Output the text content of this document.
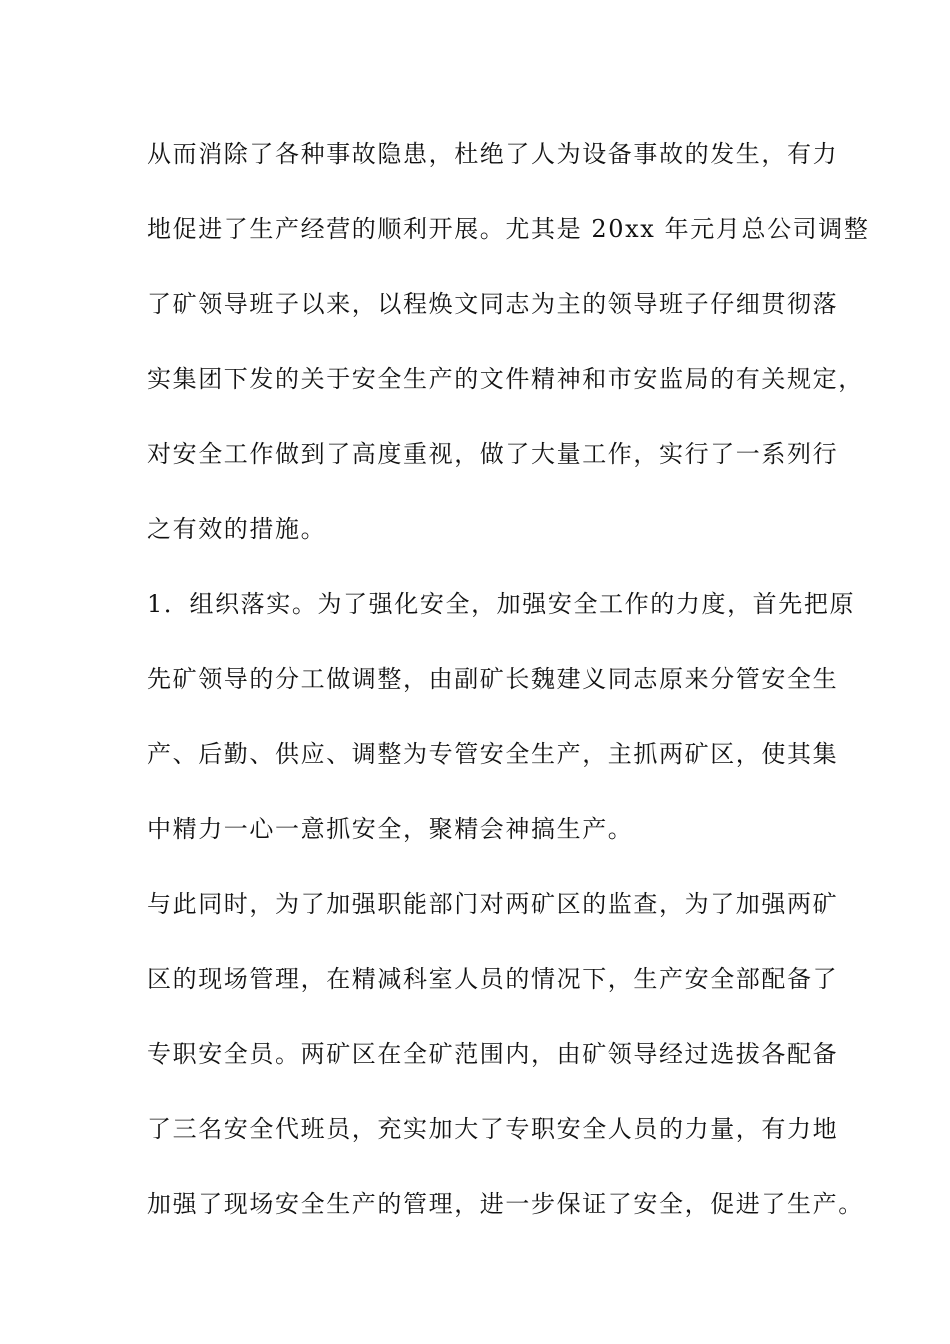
从而消除了各种事故隐患，杜绝了人为设备事故的发生，有力
地促进了生产经营的顺利开展。尤其是 20xx 年元月总公司调整
了矿领导班子以来，以程焕文同志为主的领导班子仔细贯彻落
实集团下发的关于安全生产的文件精神和市安监局的有关规定，
对安全工作做到了高度重视，做了大量工作，实行了一系列行
之有效的措施。
1．组织落实。为了强化安全，加强安全工作的力度，首先把原
先矿领导的分工做调整，由副矿长魏建义同志原来分管安全生
产、后勤、供应、调整为专管安全生产，主抓两矿区，使其集
中精力一心一意抓安全，聚精会神搞生产。
与此同时，为了加强职能部门对两矿区的监查，为了加强两矿
区的现场管理，在精减科室人员的情况下，生产安全部配备了
专职安全员。两矿区在全矿范围内，由矿领导经过选拔各配备
了三名安全代班员，充实加大了专职安全人员的力量，有力地
加强了现场安全生产的管理，进一步保证了安全，促进了生产。
